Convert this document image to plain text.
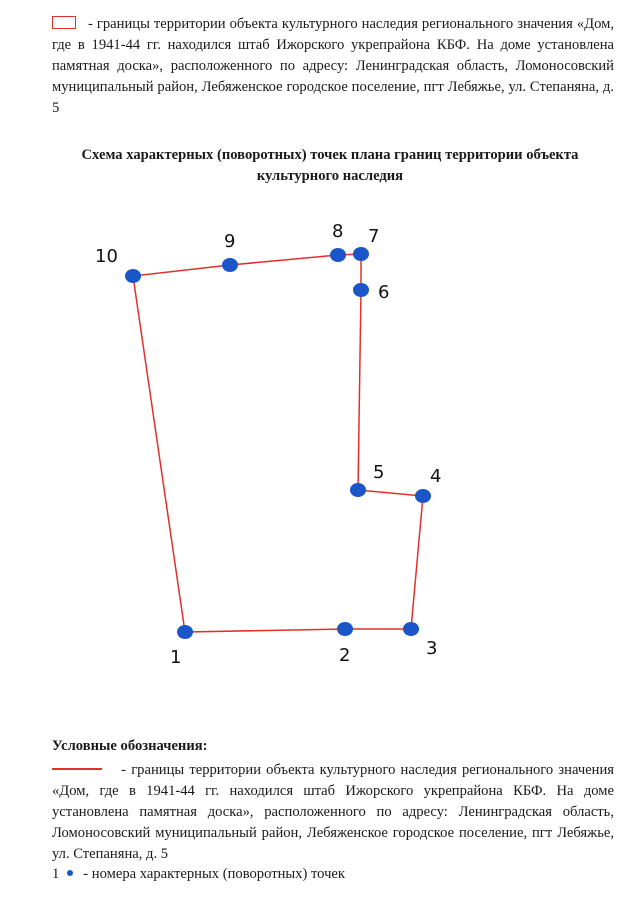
- границы территории объекта культурного наследия регионального значения «Дом, где в 1941-44 гг. находился штаб Ижорского укрепрайона КБФ. На доме установлена памятная доска», расположенного по адресу: Ленинградская область, Ломоносовский муниципальный район, Лебяженское городское поселение, пгт Лебяжье, ул. Степаняна, д. 5
Схема характерных (поворотных) точек плана границ территории объекта культурного наследия
1	2	3
4
5
6
7
8
9
10
Условные обозначения:
- границы территории объекта культурного наследия регионального значения «Дом, где в 1941-44 гг. находился штаб Ижорского укрепрайона КБФ. На доме установлена памятная доска», расположенного по адресу: Ленинградская область, Ломоносовский муниципальный район, Лебяженское городское поселение, пгт Лебяжье, ул. Степаняна, д. 5
1 - номера характерных (поворотных) точек
